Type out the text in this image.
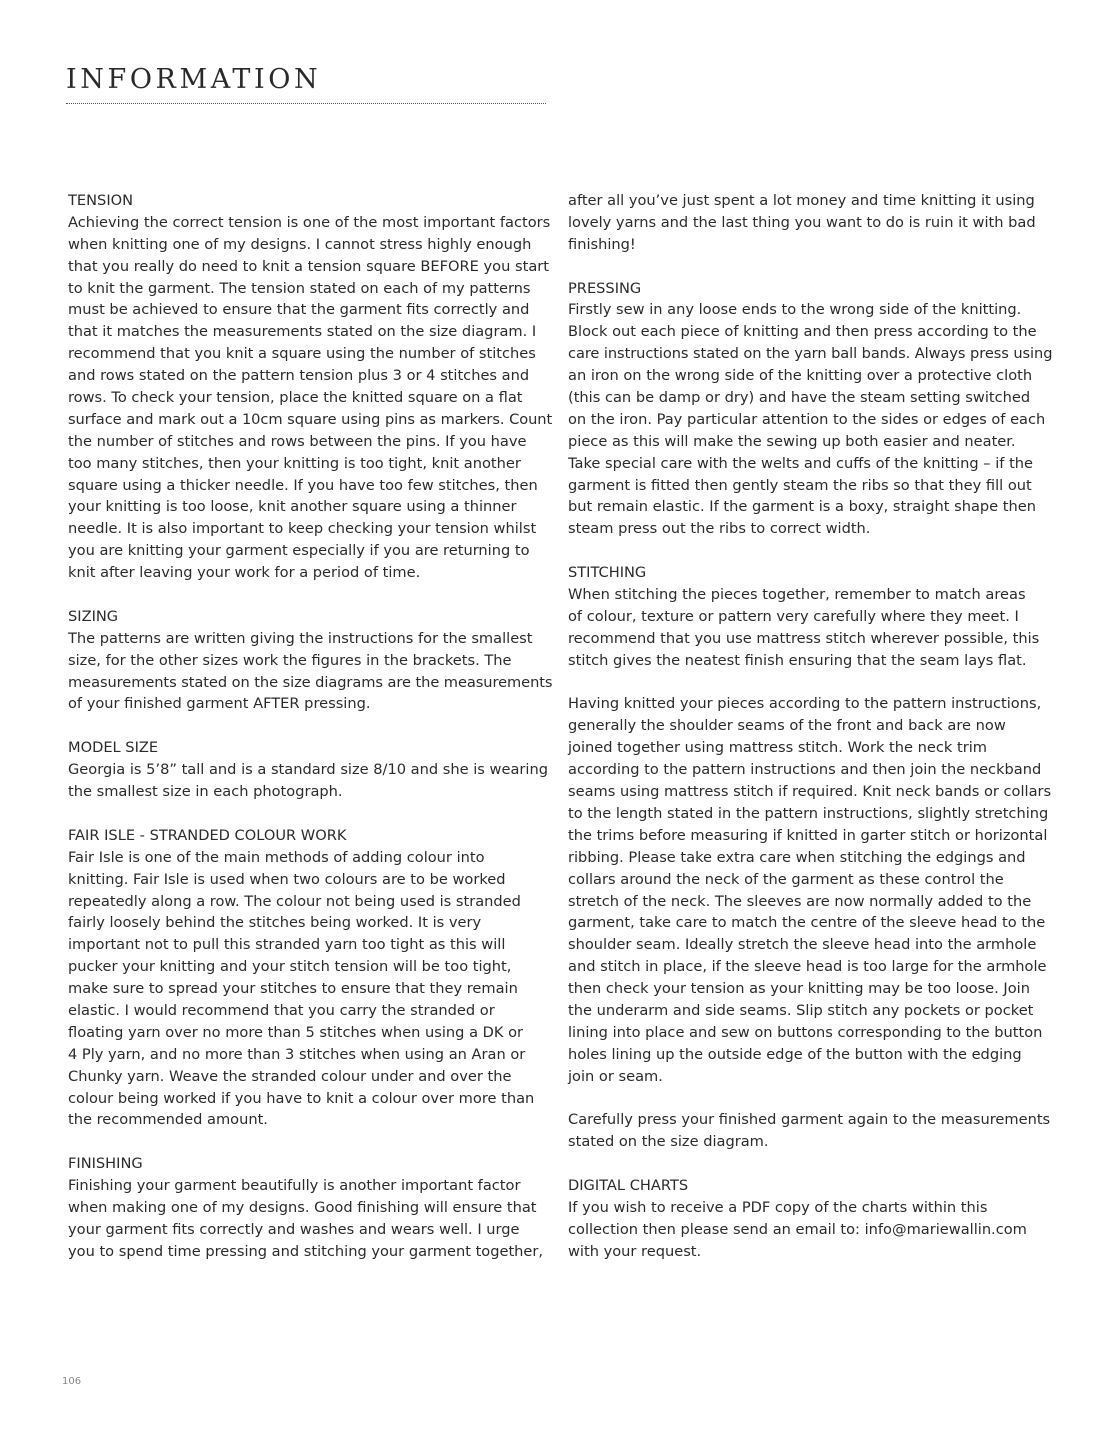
INFORMATION
TENSION
Achieving the correct tension is one of the most important factors
when knitting one of my designs. I cannot stress highly enough
that you really do need to knit a tension square BEFORE you start
to knit the garment. The tension stated on each of my patterns
must be achieved to ensure that the garment fits correctly and
that it matches the measurements stated on the size diagram. I
recommend that you knit a square using the number of stitches
and rows stated on the pattern tension plus 3 or 4 stitches and
rows. To check your tension, place the knitted square on a flat
surface and mark out a 10cm square using pins as markers. Count
the number of stitches and rows between the pins. If you have
too many stitches, then your knitting is too tight, knit another
square using a thicker needle. If you have too few stitches, then
your knitting is too loose, knit another square using a thinner
needle. It is also important to keep checking your tension whilst
you are knitting your garment especially if you are returning to
knit after leaving your work for a period of time.
SIZING
The patterns are written giving the instructions for the smallest
size, for the other sizes work the figures in the brackets. The
measurements stated on the size diagrams are the measurements
of your finished garment AFTER pressing.
MODEL SIZE
Georgia is 5’8” tall and is a standard size 8/10 and she is wearing
the smallest size in each photograph.
FAIR ISLE - STRANDED COLOUR WORK
Fair Isle is one of the main methods of adding colour into
knitting. Fair Isle is used when two colours are to be worked
repeatedly along a row. The colour not being used is stranded
fairly loosely behind the stitches being worked. It is very
important not to pull this stranded yarn too tight as this will
pucker your knitting and your stitch tension will be too tight,
make sure to spread your stitches to ensure that they remain
elastic. I would recommend that you carry the stranded or
floating yarn over no more than 5 stitches when using a DK or
4 Ply yarn, and no more than 3 stitches when using an Aran or
Chunky yarn. Weave the stranded colour under and over the
colour being worked if you have to knit a colour over more than
the recommended amount.
FINISHING
Finishing your garment beautifully is another important factor
when making one of my designs. Good finishing will ensure that
your garment fits correctly and washes and wears well. I urge
you to spend time pressing and stitching your garment together,
after all you’ve just spent a lot money and time knitting it using
lovely yarns and the last thing you want to do is ruin it with bad
finishing!
PRESSING
Firstly sew in any loose ends to the wrong side of the knitting.
Block out each piece of knitting and then press according to the
care instructions stated on the yarn ball bands. Always press using
an iron on the wrong side of the knitting over a protective cloth
(this can be damp or dry) and have the steam setting switched
on the iron. Pay particular attention to the sides or edges of each
piece as this will make the sewing up both easier and neater.
Take special care with the welts and cuffs of the knitting – if the
garment is fitted then gently steam the ribs so that they fill out
but remain elastic. If the garment is a boxy, straight shape then
steam press out the ribs to correct width.
STITCHING
When stitching the pieces together, remember to match areas
of colour, texture or pattern very carefully where they meet. I
recommend that you use mattress stitch wherever possible, this
stitch gives the neatest finish ensuring that the seam lays flat.
Having knitted your pieces according to the pattern instructions,
generally the shoulder seams of the front and back are now
joined together using mattress stitch. Work the neck trim
according to the pattern instructions and then join the neckband
seams using mattress stitch if required. Knit neck bands or collars
to the length stated in the pattern instructions, slightly stretching
the trims before measuring if knitted in garter stitch or horizontal
ribbing. Please take extra care when stitching the edgings and
collars around the neck of the garment as these control the
stretch of the neck. The sleeves are now normally added to the
garment, take care to match the centre of the sleeve head to the
shoulder seam. Ideally stretch the sleeve head into the armhole
and stitch in place, if the sleeve head is too large for the armhole
then check your tension as your knitting may be too loose. Join
the underarm and side seams. Slip stitch any pockets or pocket
lining into place and sew on buttons corresponding to the button
holes lining up the outside edge of the button with the edging
join or seam.
Carefully press your finished garment again to the measurements
stated on the size diagram.
DIGITAL CHARTS
If you wish to receive a PDF copy of the charts within this
collection then please send an email to: info@mariewallin.com
with your request.
106
